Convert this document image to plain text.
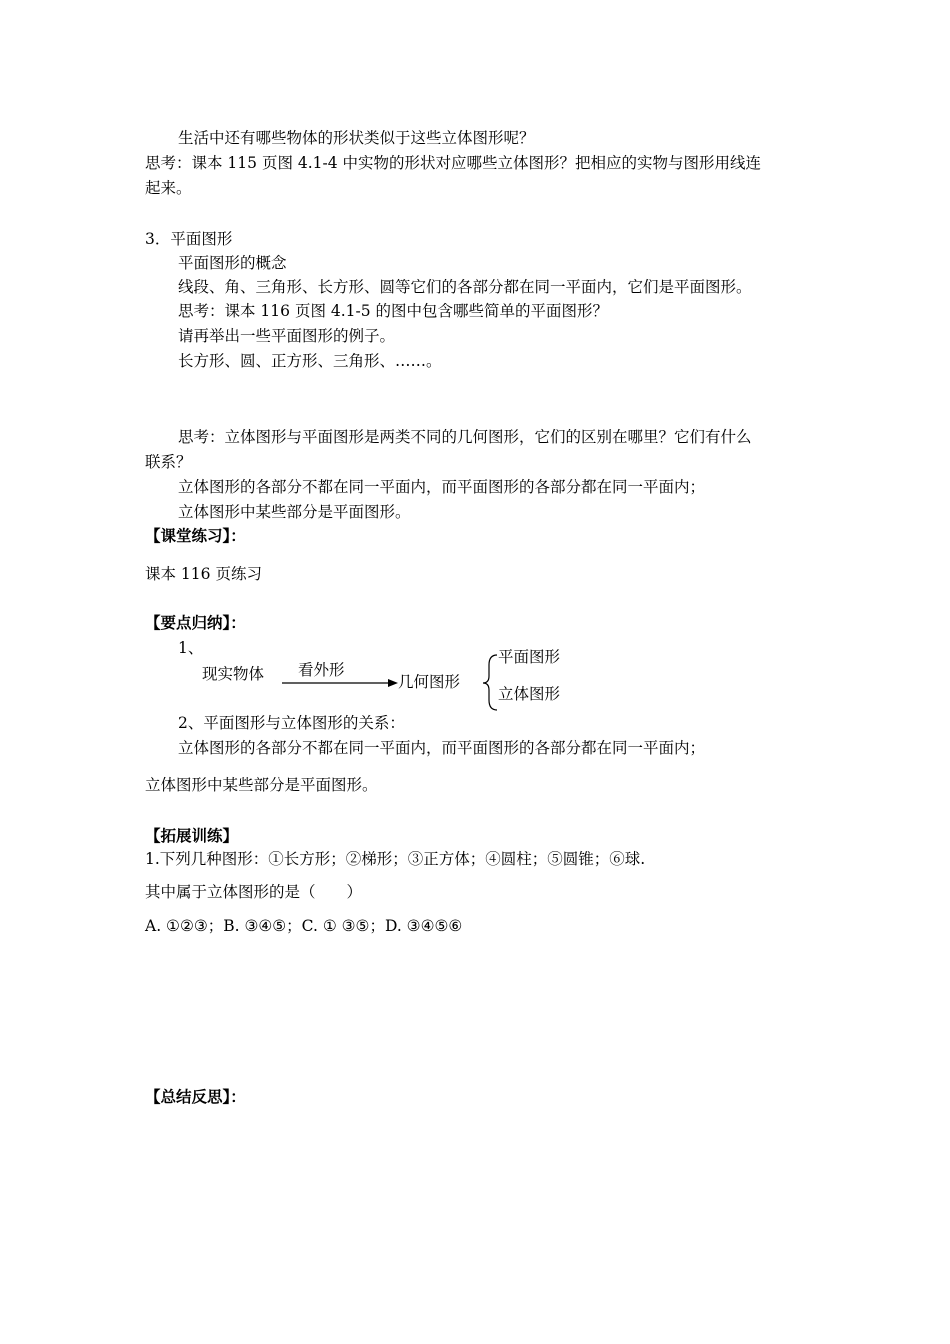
生活中还有哪些物体的形状类似于这些立体图形呢？
思考：课本 115 页图 4.1-4 中实物的形状对应哪些立体图形？把相应的实物与图形用线连
起来。
3．平面图形
平面图形的概念
线段、角、三角形、长方形、圆等它们的各部分都在同一平面内，它们是平面图形。
思考：课本 116 页图 4.1-5 的图中包含哪些简单的平面图形？
请再举出一些平面图形的例子。
长方形、圆、正方形、三角形、……。
思考：立体图形与平面图形是两类不同的几何图形，它们的区别在哪里？它们有什么
联系？
立体图形的各部分不都在同一平面内，而平面图形的各部分都在同一平面内；
立体图形中某些部分是平面图形。
【课堂练习】：
课本 116 页练习
【要点归纳】：
1、
现实物体 看外形
几何图形
平面图形
立体图形
2、平面图形与立体图形的关系：
立体图形的各部分不都在同一平面内，而平面图形的各部分都在同一平面内；
立体图形中某些部分是平面图形。
【拓展训练】
1.下列几种图形：①长方形；②梯形；③正方体；④圆柱；⑤圆锥；⑥球.
其中属于立体图形的是（　　）
A. ①②③；B. ③④⑤；C. ① ③⑤；D. ③④⑤⑥
【总结反思】：
